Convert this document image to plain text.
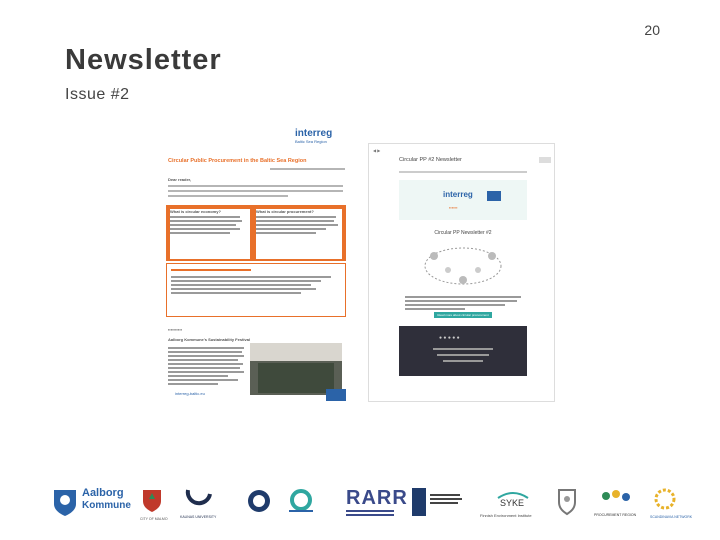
20
Newsletter
Issue #2
interreg
Baltic Sea Region
Circular Public Procurement in the Baltic Sea Region
Dear reader,
What is circular economy?	What is circular procurement?
▪▪▪▪▪▪▪▪▪▪
Aalborg Kommune's Sustainability Festival
interreg-baltic.eu
◀ ▶
Circular PP #2 Newsletter
interreg
▪▪▪▪▪▪
Circular PP Newsletter #2
Read more about circular procurement
● ● ● ● ●
Aalborg
Kommune
CITY OF MALMO	KAUNAS UNIVERSITY
RARR	SYKE
Finnish Environment Institute	PROCUREMENT REGION	SCANDINAVIA NETWORK
